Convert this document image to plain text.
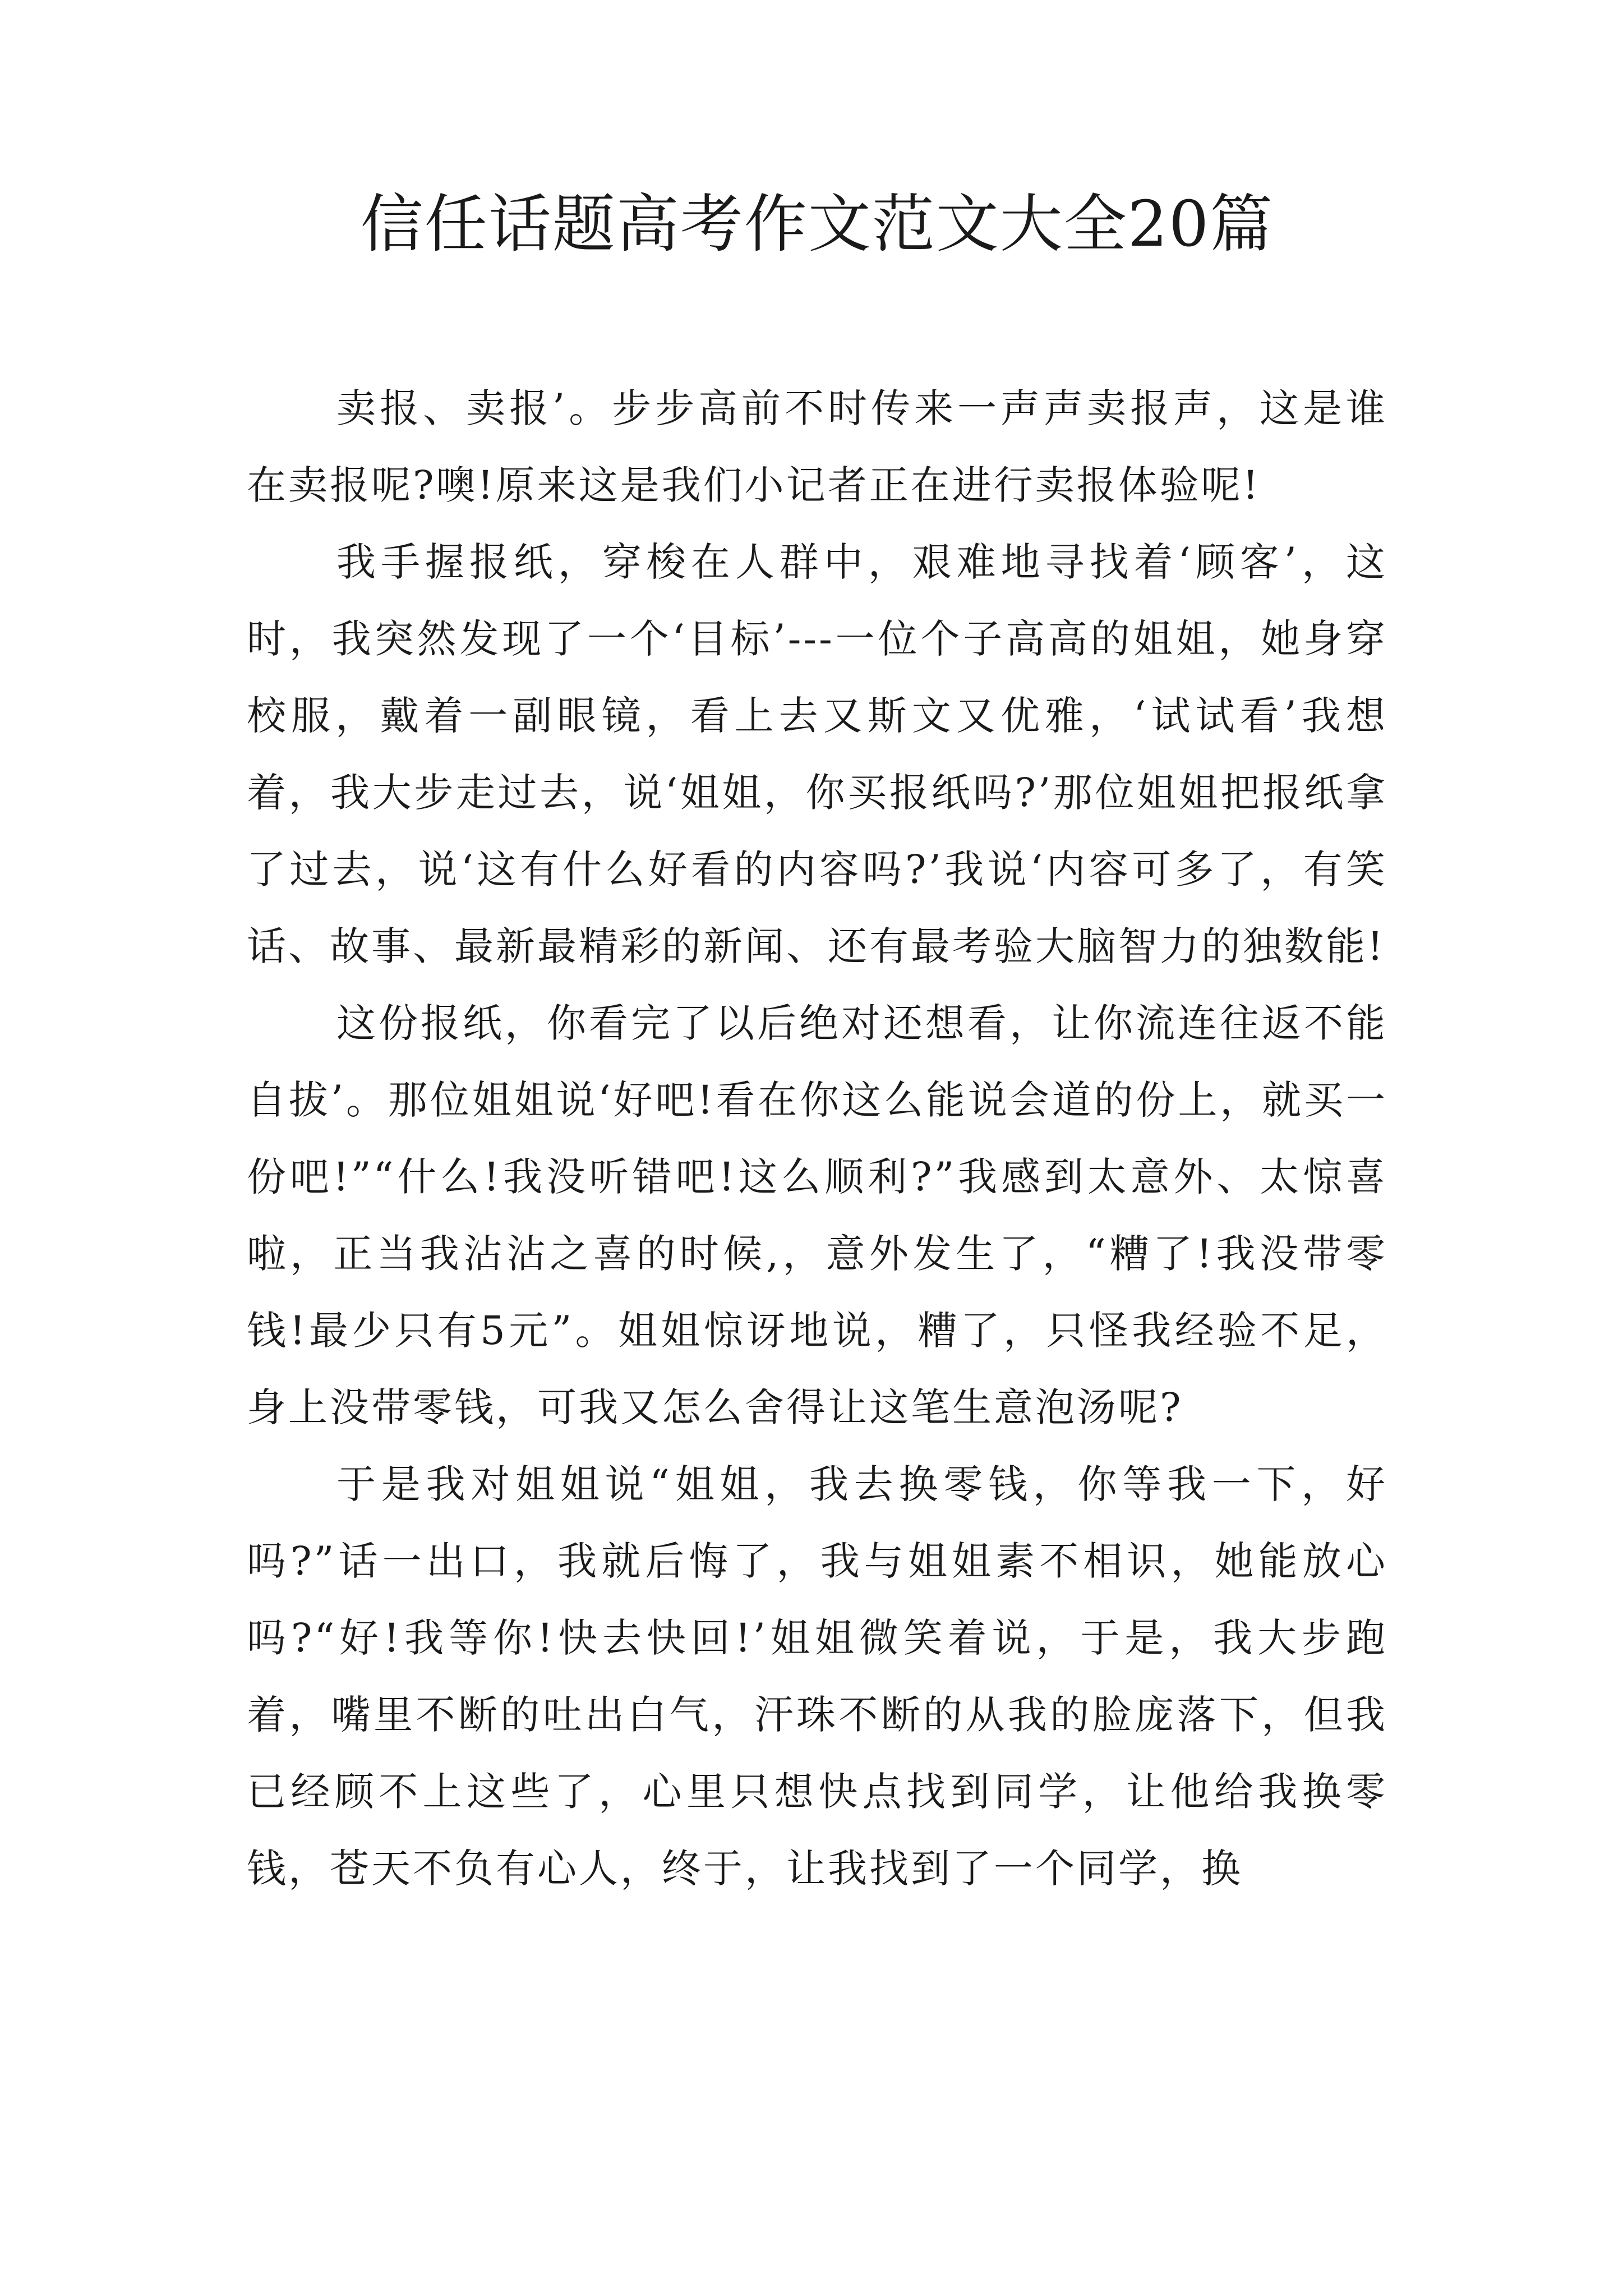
信任话题高考作文范文大全20篇

卖报、卖报’。步步高前不时传来一声声卖报声，这是谁在卖报呢?噢!原来这是我们小记者正在进行卖报体验呢!

我手握报纸，穿梭在人群中，艰难地寻找着‘顾客’，这时，我突然发现了一个‘目标’---一位个子高高的姐姐，她身穿校服，戴着一副眼镜，看上去又斯文又优雅，‘试试看’我想着，我大步走过去，说‘姐姐，你买报纸吗?’那位姐姐把报纸拿了过去，说‘这有什么好看的内容吗?’我说‘内容可多了，有笑话、故事、最新最精彩的新闻、还有最考验大脑智力的独数能!

这份报纸，你看完了以后绝对还想看，让你流连往返不能自拔’。那位姐姐说‘好吧!看在你这么能说会道的份上，就买一份吧!”“什么!我没听错吧!这么顺利?”我感到太意外、太惊喜啦，正当我沾沾之喜的时候,，意外发生了，“糟了!我没带零钱!最少只有5元”。姐姐惊讶地说，糟了，只怪我经验不足，身上没带零钱，可我又怎么舍得让这笔生意泡汤呢?

于是我对姐姐说“姐姐，我去换零钱，你等我一下，好吗?”话一出口，我就后悔了，我与姐姐素不相识，她能放心吗?“好!我等你!快去快回!’姐姐微笑着说，于是，我大步跑着，嘴里不断的吐出白气，汗珠不断的从我的脸庞落下，但我已经顾不上这些了，心里只想快点找到同学，让他给我换零钱，苍天不负有心人，终于，让我找到了一个同学，换
